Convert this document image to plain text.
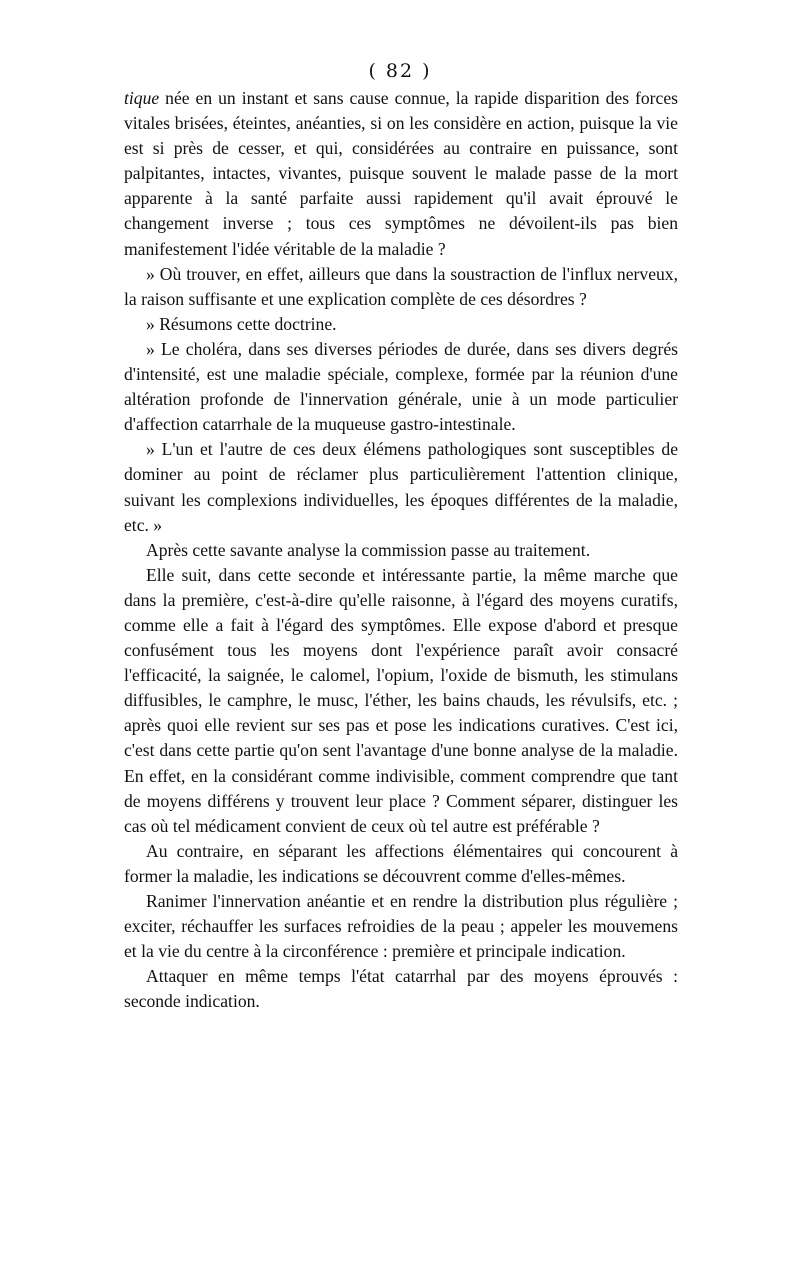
( 82 )

tique née en un instant et sans cause connue, la rapide disparition des forces vitales brisées, éteintes, anéanties, si on les considère en action, puisque la vie est si près de cesser, et qui, considérées au contraire en puissance, sont palpitantes, intactes, vivantes, puisque souvent le malade passe de la mort apparente à la santé parfaite aussi rapidement qu'il avait éprouvé le changement inverse ; tous ces symptômes ne dévoilent-ils pas bien manifestement l'idée véritable de la maladie ?

» Où trouver, en effet, ailleurs que dans la soustraction de l'influx nerveux, la raison suffisante et une explication complète de ces désordres ?

» Résumons cette doctrine.

» Le choléra, dans ses diverses périodes de durée, dans ses divers degrés d'intensité, est une maladie spéciale, complexe, formée par la réunion d'une altération profonde de l'innervation générale, unie à un mode particulier d'affection catarrhale de la muqueuse gastro-intestinale.

» L'un et l'autre de ces deux élémens pathologiques sont susceptibles de dominer au point de réclamer plus particulièrement l'attention clinique, suivant les complexions individuelles, les époques différentes de la maladie, etc. »

Après cette savante analyse la commission passe au traitement.

Elle suit, dans cette seconde et intéressante partie, la même marche que dans la première, c'est-à-dire qu'elle raisonne, à l'égard des moyens curatifs, comme elle a fait à l'égard des symptômes. Elle expose d'abord et presque confusément tous les moyens dont l'expérience paraît avoir consacré l'efficacité, la saignée, le calomel, l'opium, l'oxide de bismuth, les stimulans diffusibles, le camphre, le musc, l'éther, les bains chauds, les révulsifs, etc. ; après quoi elle revient sur ses pas et pose les indications curatives. C'est ici, c'est dans cette partie qu'on sent l'avantage d'une bonne analyse de la maladie. En effet, en la considérant comme indivisible, comment comprendre que tant de moyens différens y trouvent leur place ? Comment séparer, distinguer les cas où tel médicament convient de ceux où tel autre est préférable ?

Au contraire, en séparant les affections élémentaires qui concourent à former la maladie, les indications se découvrent comme d'elles-mêmes.

Ranimer l'innervation anéantie et en rendre la distribution plus régulière ; exciter, réchauffer les surfaces refroidies de la peau ; appeler les mouvemens et la vie du centre à la circonférence : première et principale indication.

Attaquer en même temps l'état catarrhal par des moyens éprouvés : seconde indication.
